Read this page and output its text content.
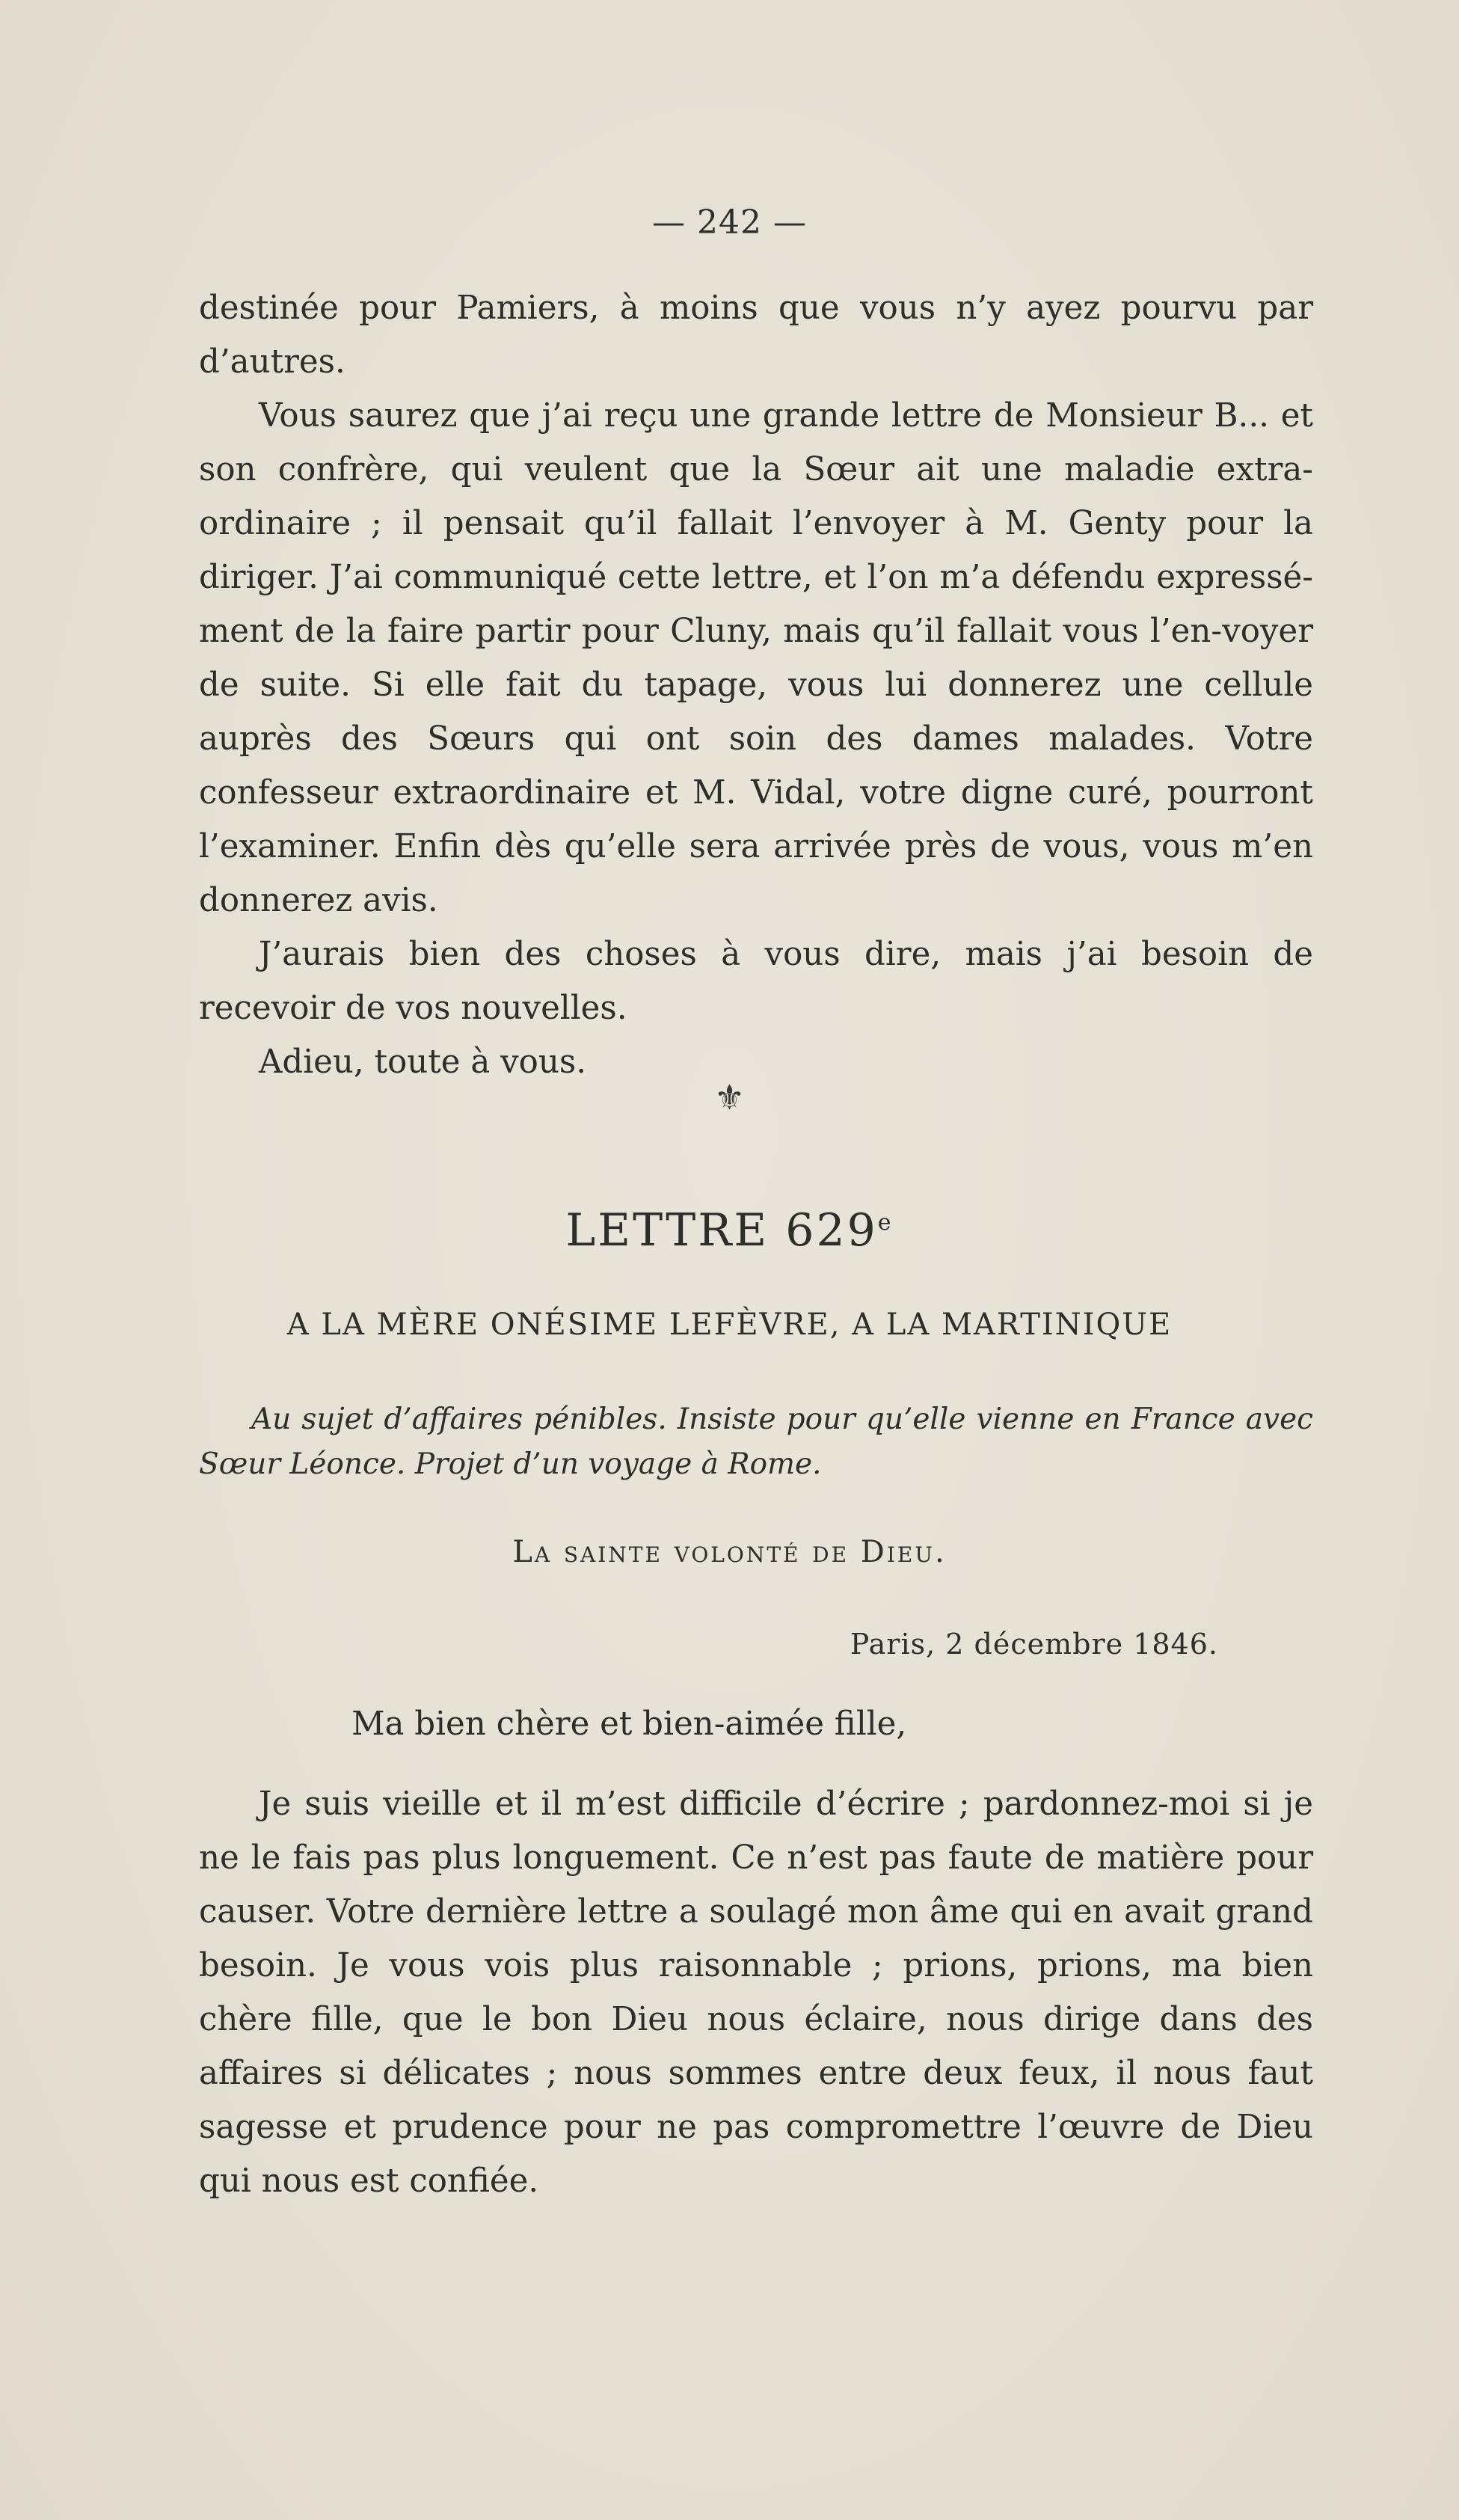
— 242 —

destinée pour Pamiers, à moins que vous n’y ayez pourvu par d’autres.

Vous saurez que j’ai reçu une grande lettre de Monsieur B... et son confrère, qui veulent que la Sœur ait une maladie extra-ordinaire ; il pensait qu’il fallait l’envoyer à M. Genty pour la diriger. J’ai communiqué cette lettre, et l’on m’a défendu expressé-ment de la faire partir pour Cluny, mais qu’il fallait vous l’en-voyer de suite. Si elle fait du tapage, vous lui donnerez une cellule auprès des Sœurs qui ont soin des dames malades. Votre confesseur extraordinaire et M. Vidal, votre digne curé, pourront l’examiner. Enfin dès qu’elle sera arrivée près de vous, vous m’en donnerez avis.

J’aurais bien des choses à vous dire, mais j’ai besoin de recevoir de vos nouvelles.

Adieu, toute à vous.

⚜
LETTRE 629e
A LA MÈRE ONÉSIME LEFÈVRE, A LA MARTINIQUE

Au sujet d’affaires pénibles. Insiste pour qu’elle vienne en France avec Sœur Léonce. Projet d’un voyage à Rome.

La sainte volonté de Dieu.
Paris, 2 décembre 1846.
Ma bien chère et bien-aimée fille,

Je suis vieille et il m’est difficile d’écrire ; pardonnez-moi si je ne le fais pas plus longuement. Ce n’est pas faute de matière pour causer. Votre dernière lettre a soulagé mon âme qui en avait grand besoin. Je vous vois plus raisonnable ; prions, prions, ma bien chère fille, que le bon Dieu nous éclaire, nous dirige dans des affaires si délicates ; nous sommes entre deux feux, il nous faut sagesse et prudence pour ne pas compromettre l’œuvre de Dieu qui nous est confiée.
